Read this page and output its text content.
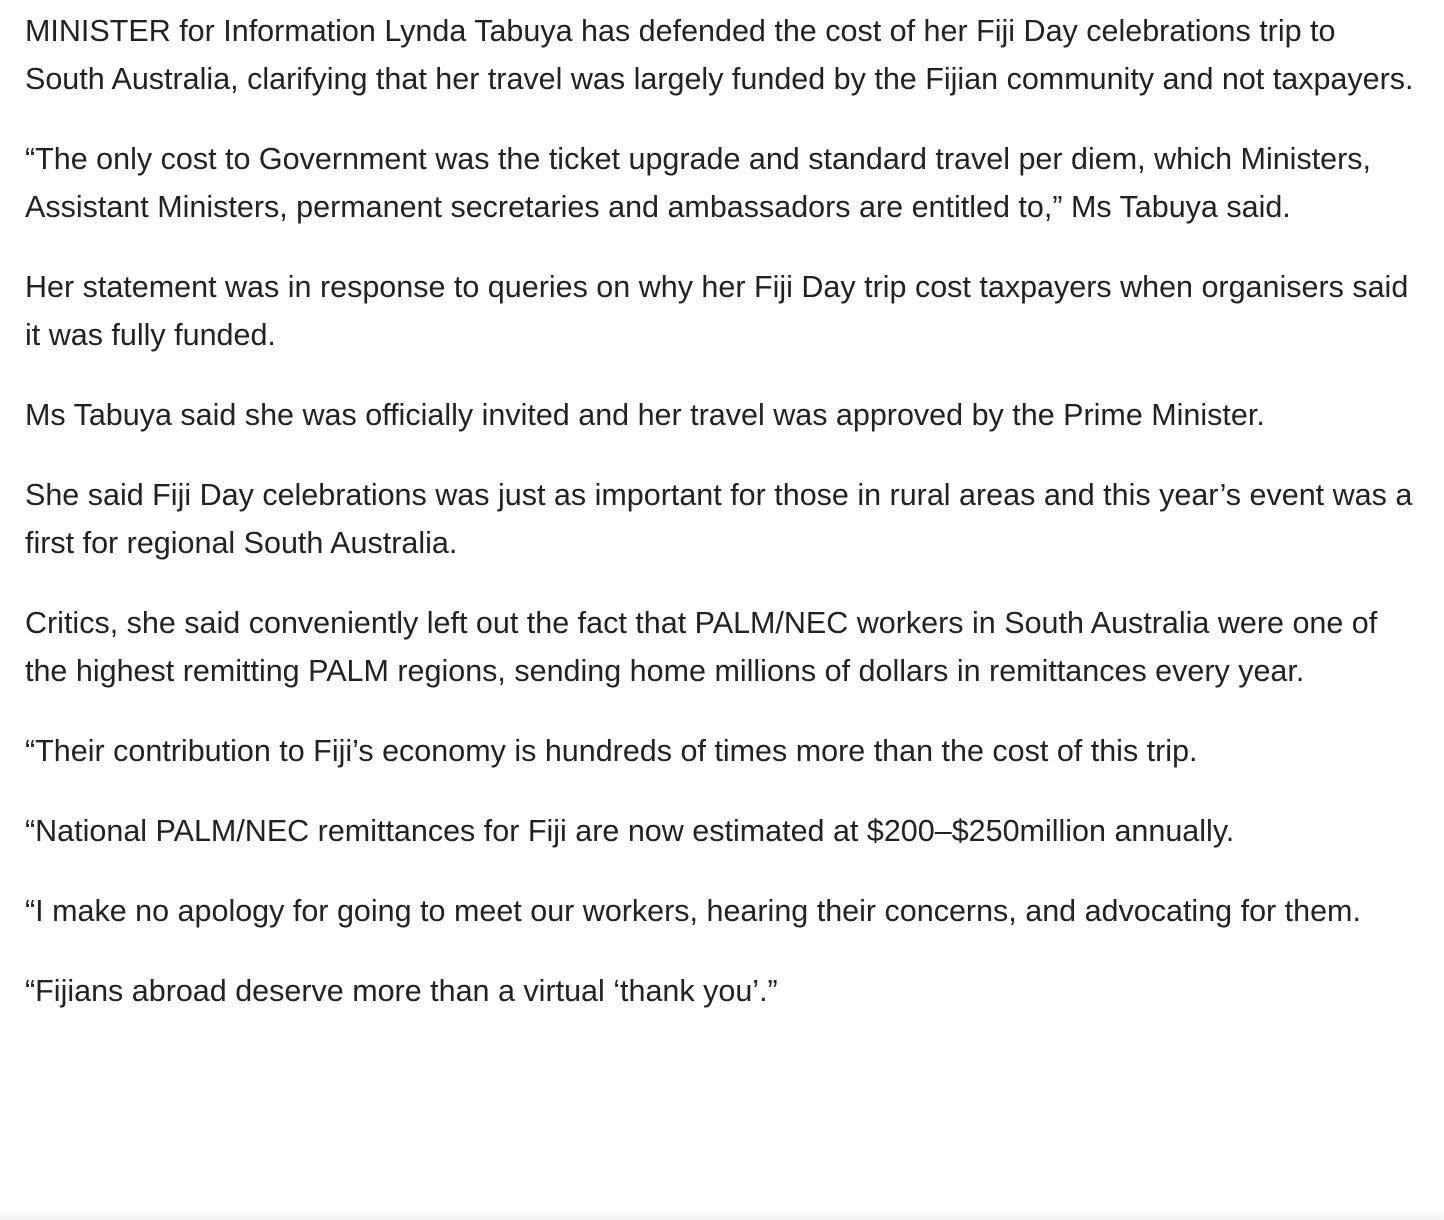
MINISTER for Information Lynda Tabuya has defended the cost of her Fiji Day celebrations trip to South Australia, clarifying that her travel was largely funded by the Fijian community and not taxpayers.

“The only cost to Government was the ticket upgrade and standard travel per diem, which Ministers, Assistant Ministers, permanent secretaries and ambassadors are entitled to,” Ms Tabuya said.

Her statement was in response to queries on why her Fiji Day trip cost taxpayers when organisers said it was fully funded.

Ms Tabuya said she was officially invited and her travel was approved by the Prime Minister.

She said Fiji Day celebrations was just as important for those in rural areas and this year’s event was a first for regional South Australia.

Critics, she said conveniently left out the fact that PALM/NEC workers in South Australia were one of the highest remitting PALM regions, sending home millions of dollars in remittances every year.

“Their contribution to Fiji’s economy is hundreds of times more than the cost of this trip.

“National PALM/NEC remittances for Fiji are now estimated at $200–$250million annually.

“I make no apology for going to meet our workers, hearing their concerns, and advocating for them.

“Fijians abroad deserve more than a virtual ‘thank you’.”
